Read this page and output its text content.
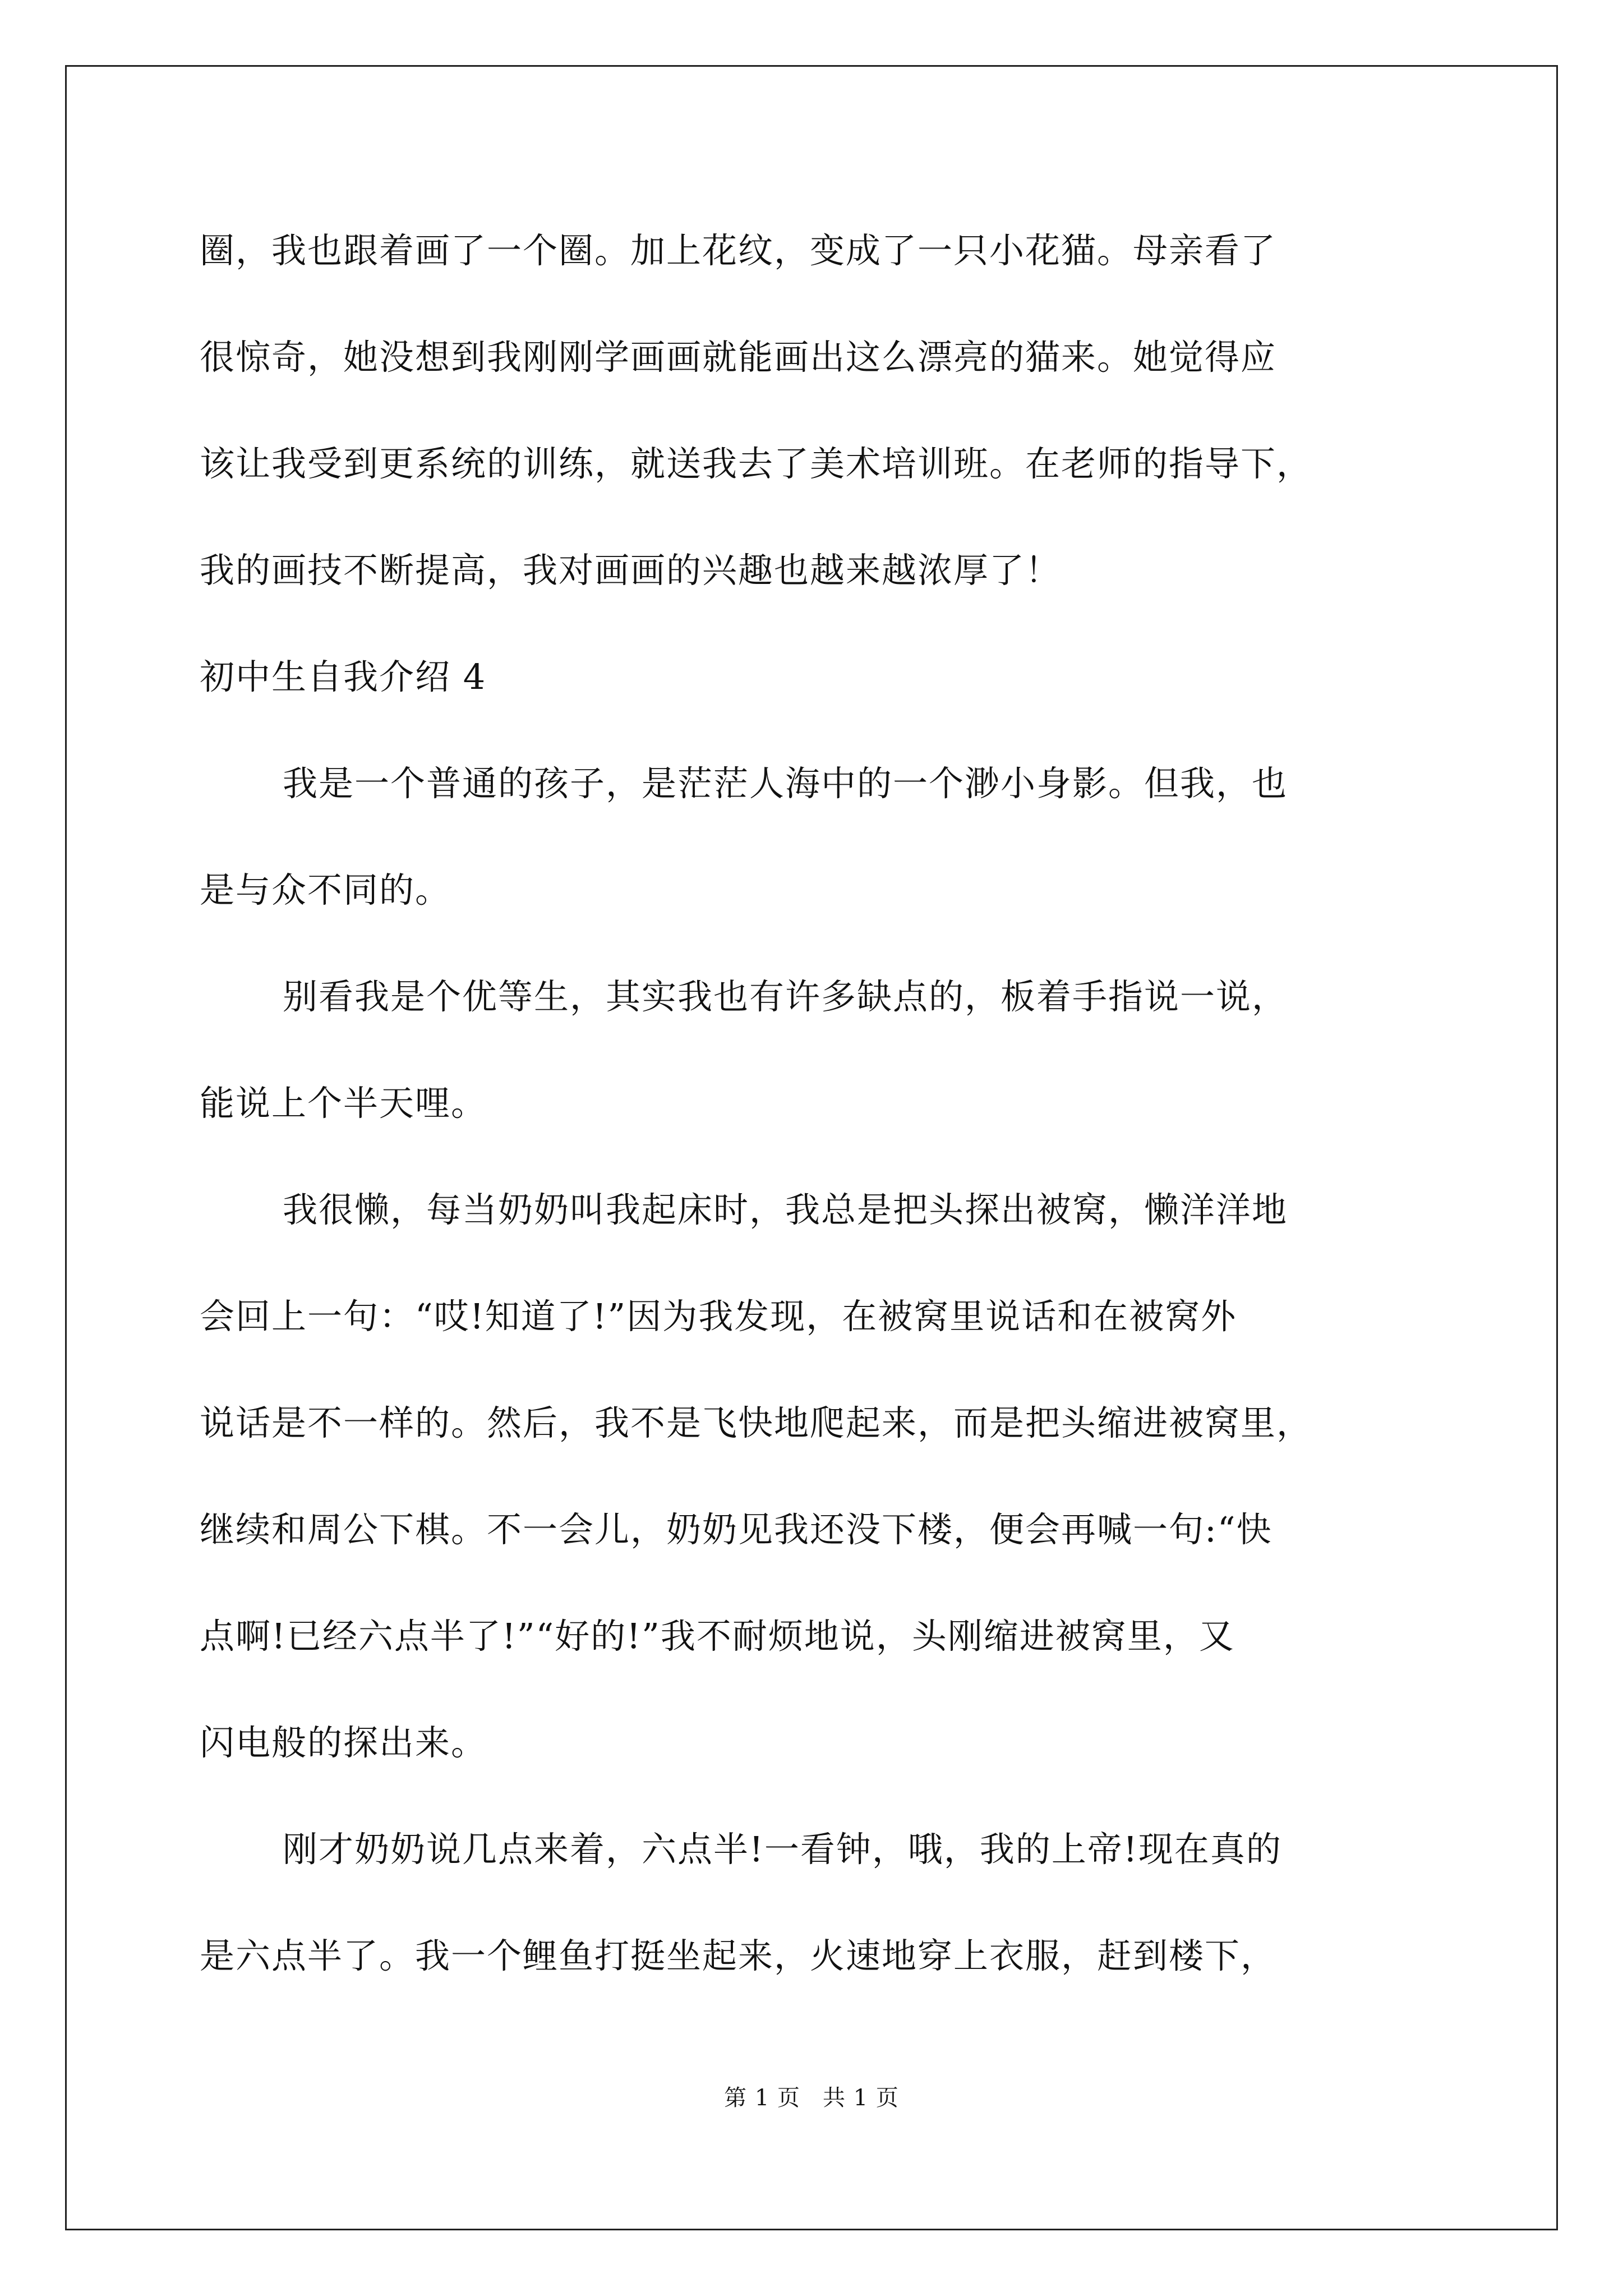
圈，我也跟着画了一个圈。加上花纹，变成了一只小花猫。母亲看了
很惊奇，她没想到我刚刚学画画就能画出这么漂亮的猫来。她觉得应
该让我受到更系统的训练，就送我去了美术培训班。在老师的指导下，
我的画技不断提高，我对画画的兴趣也越来越浓厚了！
初中生自我介绍 4
我是一个普通的孩子，是茫茫人海中的一个渺小身影。但我，也
是与众不同的。
别看我是个优等生，其实我也有许多缺点的，板着手指说一说，
能说上个半天哩。
我很懒，每当奶奶叫我起床时，我总是把头探出被窝，懒洋洋地
会回上一句：“哎!知道了!”因为我发现，在被窝里说话和在被窝外
说话是不一样的。然后，我不是飞快地爬起来，而是把头缩进被窝里，
继续和周公下棋。不一会儿，奶奶见我还没下楼，便会再喊一句:“快
点啊!已经六点半了!”“好的!”我不耐烦地说，头刚缩进被窝里，又
闪电般的探出来。
刚才奶奶说几点来着，六点半!一看钟，哦，我的上帝!现在真的
是六点半了。我一个鲤鱼打挺坐起来，火速地穿上衣服，赶到楼下，
第 1 页 共 1 页
